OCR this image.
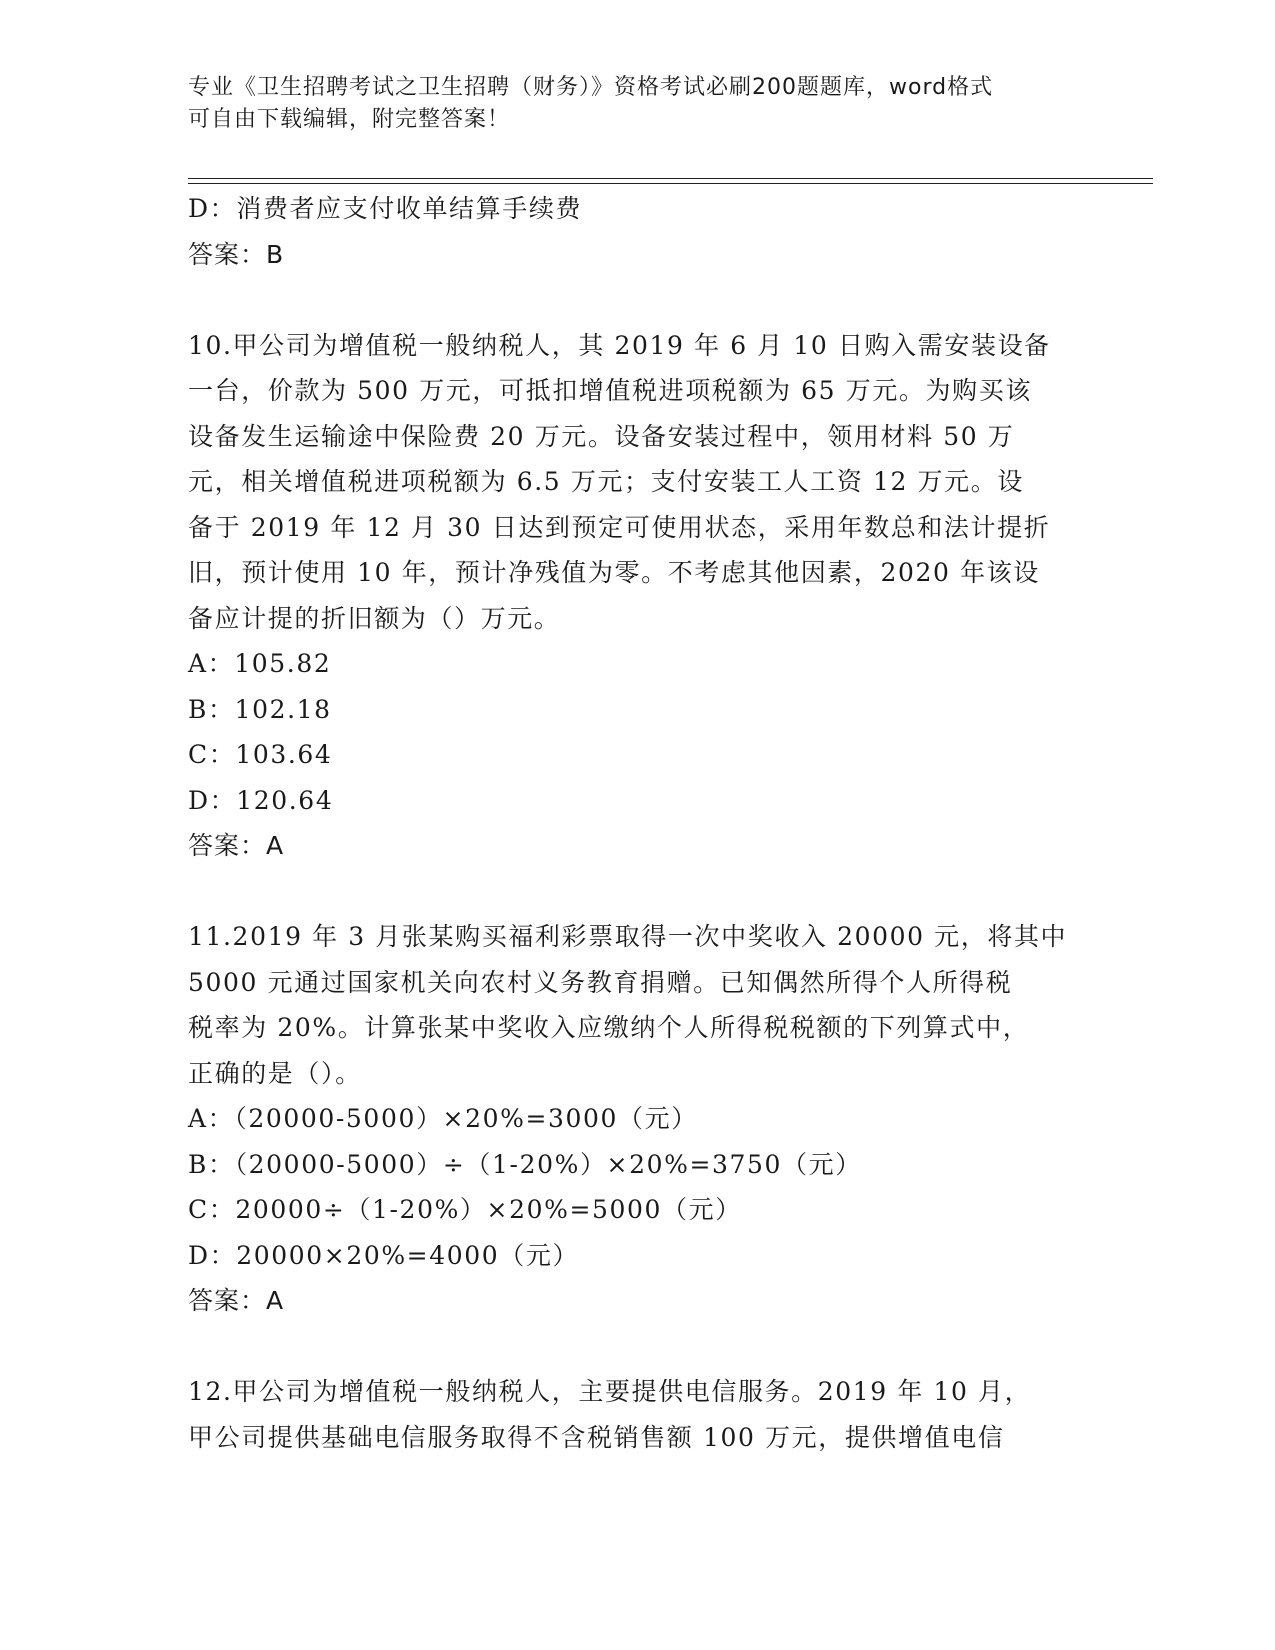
专业《卫生招聘考试之卫生招聘（财务）》资格考试必刷200题题库，word格式
可自由下载编辑，附完整答案！
D：消费者应支付收单结算手续费
答案：B
10.甲公司为增值税一般纳税人，其 2019 年 6 月 10 日购入需安装设备
一台，价款为 500 万元，可抵扣增值税进项税额为 65 万元。为购买该
设备发生运输途中保险费 20 万元。设备安装过程中，领用材料 50 万
元，相关增值税进项税额为 6.5 万元；支付安装工人工资 12 万元。设
备于 2019 年 12 月 30 日达到预定可使用状态，采用年数总和法计提折
旧，预计使用 10 年，预计净残值为零。不考虑其他因素，2020 年该设
备应计提的折旧额为（）万元。
A：105.82
B：102.18
C：103.64
D：120.64
答案：A
11.2019 年 3 月张某购买福利彩票取得一次中奖收入 20000 元，将其中
5000 元通过国家机关向农村义务教育捐赠。已知偶然所得个人所得税
税率为 20%。计算张某中奖收入应缴纳个人所得税税额的下列算式中，
正确的是（）。
A：（20000-5000）×20%=3000（元）
B：（20000-5000）÷（1-20%）×20%=3750（元）
C：20000÷（1-20%）×20%=5000（元）
D：20000×20%=4000（元）
答案：A
12.甲公司为增值税一般纳税人，主要提供电信服务。2019 年 10 月，
甲公司提供基础电信服务取得不含税销售额 100 万元，提供增值电信
